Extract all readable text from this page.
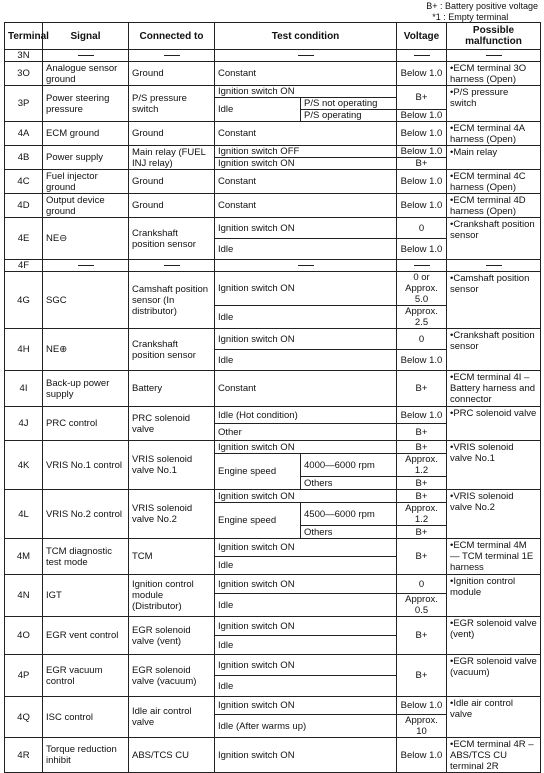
B+ : Battery positive voltage
*1 : Empty terminal
Terminal	Signal	Connected to	Test condition		Voltage	Possible malfunction
3N						
3O	Analogue sensor ground	Ground	Constant		Below 1.0	• ECM terminal 3O harness (Open)
3P	Power steering pressure	P/S pressure switch	Ignition switch ON		B+	• P/S pressure switch
			Idle	P/S not operating		
				P/S operating	Below 1.0	
4A	ECM ground	Ground	Constant		Below 1.0	• ECM terminal 4A harness (Open)
4B	Power supply	Main relay (FUEL INJ relay)	Ignition switch OFF		Below 1.0	• Main relay
			Ignition switch ON		B+	
4C	Fuel injector ground	Ground	Constant		Below 1.0	• ECM terminal 4C harness (Open)
4D	Output device ground	Ground	Constant		Below 1.0	• ECM terminal 4D harness (Open)
4E	NE⊖	Crankshaft position sensor	Ignition switch ON		0	• Crankshaft position sensor
			Idle		Below 1.0	
4F						
4G	SGC	Camshaft position sensor (In distributor)	Ignition switch ON		0 or Approx. 5.0	• Camshaft position sensor
			Idle		Approx. 2.5	
4H	NE⊕	Crankshaft position sensor	Ignition switch ON		0	• Crankshaft position sensor
			Idle		Below 1.0	
4I	Back-up power supply	Battery	Constant		B+	• ECM terminal 4I – Battery harness and connector
4J	PRC control	PRC solenoid valve	Idle (Hot condition)		Below 1.0	• PRC solenoid valve
			Other		B+	
4K	VRIS No.1 control	VRIS solenoid valve No.1	Ignition switch ON		B+	• VRIS solenoid valve No.1
			Engine speed	4000—6000 rpm	Approx. 1.2	
				Others	B+	
4L	VRIS No.2 control	VRIS solenoid valve No.2	Ignition switch ON		B+	• VRIS solenoid valve No.2
			Engine speed	4500—6000 rpm	Approx. 1.2	
				Others	B+	
4M	TCM diagnostic test mode	TCM	Ignition switch ON		B+	• ECM terminal 4M — TCM terminal 1E harness
			Idle			
4N	IGT	Ignition control module (Distributor)	Ignition switch ON		0	• Ignition control module
			Idle		Approx. 0.5	
4O	EGR vent control	EGR solenoid valve (vent)	Ignition switch ON		B+	• EGR solenoid valve (vent)
			Idle			
4P	EGR vacuum control	EGR solenoid valve (vacuum)	Ignition switch ON		B+	• EGR solenoid valve (vacuum)
			Idle			
4Q	ISC control	Idle air control valve	Ignition switch ON		Below 1.0	• Idle air control valve
			Idle (After warms up)		Approx. 10	
4R	Torque reduction inhibit	ABS/TCS CU	Ignition switch ON		Below 1.0	• ECM terminal 4R – ABS/TCS CU terminal 2R
